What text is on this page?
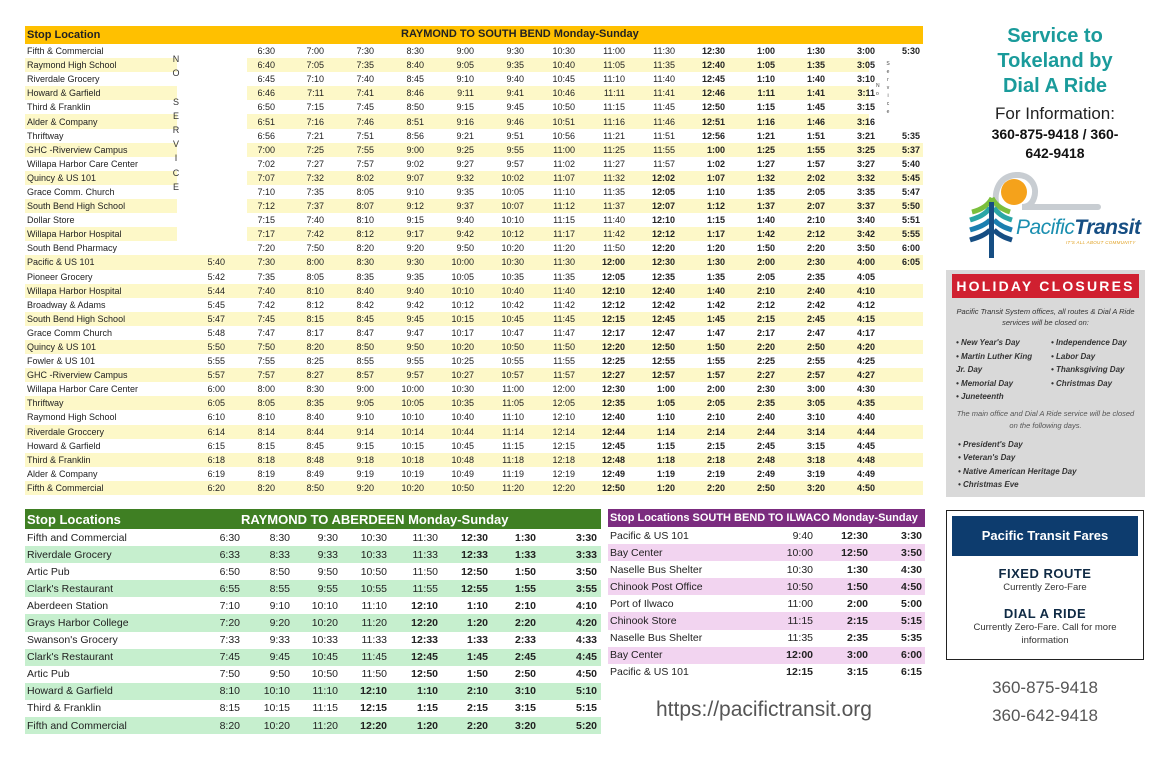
Stop Location	RAYMOND TO SOUTH BEND Monday-Sunday
Fifth & Commercial	6:30	7:00	7:30	8:30	9:00	9:30	10:30	11:00	11:30	12:30	1:00	1:30	3:00	5:30
Raymond High School	6:40	7:05	7:35	8:40	9:05	9:35	10:40	11:05	11:35	12:40	1:05	1:35	3:05
Riverdale Grocery	6:45	7:10	7:40	8:45	9:10	9:40	10:45	11:10	11:40	12:45	1:10	1:40	3:10
Howard & Garfield	6:46	7:11	7:41	8:46	9:11	9:41	10:46	11:11	11:41	12:46	1:11	1:41	3:11
Third & Franklin	6:50	7:15	7:45	8:50	9:15	9:45	10:50	11:15	11:45	12:50	1:15	1:45	3:15
Alder & Company	6:51	7:16	7:46	8:51	9:16	9:46	10:51	11:16	11:46	12:51	1:16	1:46	3:16
Thriftway	6:56	7:21	7:51	8:56	9:21	9:51	10:56	11:21	11:51	12:56	1:21	1:51	3:21	5:35
GHC -Riverview Campus	7:00	7:25	7:55	9:00	9:25	9:55	11:00	11:25	11:55	1:00	1:25	1:55	3:25	5:37
Willapa Harbor Care Center	7:02	7:27	7:57	9:02	9:27	9:57	11:02	11:27	11:57	1:02	1:27	1:57	3:27	5:40
Quincy & US 101	7:07	7:32	8:02	9:07	9:32	10:02	11:07	11:32	12:02	1:07	1:32	2:02	3:32	5:45
Grace Comm. Church	7:10	7:35	8:05	9:10	9:35	10:05	11:10	11:35	12:05	1:10	1:35	2:05	3:35	5:47
South Bend High School	7:12	7:37	8:07	9:12	9:37	10:07	11:12	11:37	12:07	1:12	1:37	2:07	3:37	5:50
Dollar Store	7:15	7:40	8:10	9:15	9:40	10:10	11:15	11:40	12:10	1:15	1:40	2:10	3:40	5:51
Willapa Harbor Hospital	7:17	7:42	8:12	9:17	9:42	10:12	11:17	11:42	12:12	1:17	1:42	2:12	3:42	5:55
South Bend Pharmacy	7:20	7:50	8:20	9:20	9:50	10:20	11:20	11:50	12:20	1:20	1:50	2:20	3:50	6:00
Pacific & US 101	5:40	7:30	8:00	8:30	9:30	10:00	10:30	11:30	12:00	12:30	1:30	2:00	2:30	4:00	6:05
Pioneer Grocery	5:42	7:35	8:05	8:35	9:35	10:05	10:35	11:35	12:05	12:35	1:35	2:05	2:35	4:05
Willapa Harbor Hospital	5:44	7:40	8:10	8:40	9:40	10:10	10:40	11:40	12:10	12:40	1:40	2:10	2:40	4:10
Broadway & Adams	5:45	7:42	8:12	8:42	9:42	10:12	10:42	11:42	12:12	12:42	1:42	2:12	2:42	4:12
South Bend High School	5:47	7:45	8:15	8:45	9:45	10:15	10:45	11:45	12:15	12:45	1:45	2:15	2:45	4:15
Grace Comm Church	5:48	7:47	8:17	8:47	9:47	10:17	10:47	11:47	12:17	12:47	1:47	2:17	2:47	4:17
Quincy & US 101	5:50	7:50	8:20	8:50	9:50	10:20	10:50	11:50	12:20	12:50	1:50	2:20	2:50	4:20
Fowler & US 101	5:55	7:55	8:25	8:55	9:55	10:25	10:55	11:55	12:25	12:55	1:55	2:25	2:55	4:25
GHC -Riverview Campus	5:57	7:57	8:27	8:57	9:57	10:27	10:57	11:57	12:27	12:57	1:57	2:27	2:57	4:27
Willapa Harbor Care Center	6:00	8:00	8:30	9:00	10:00	10:30	11:00	12:00	12:30	1:00	2:00	2:30	3:00	4:30
Thriftway	6:05	8:05	8:35	9:05	10:05	10:35	11:05	12:05	12:35	1:05	2:05	2:35	3:05	4:35
Raymond High School	6:10	8:10	8:40	9:10	10:10	10:40	11:10	12:10	12:40	1:10	2:10	2:40	3:10	4:40
Riverdale Groccery	6:14	8:14	8:44	9:14	10:14	10:44	11:14	12:14	12:44	1:14	2:14	2:44	3:14	4:44
Howard & Garfield	6:15	8:15	8:45	9:15	10:15	10:45	11:15	12:15	12:45	1:15	2:15	2:45	3:15	4:45
Third & Franklin	6:18	8:18	8:48	9:18	10:18	10:48	11:18	12:18	12:48	1:18	2:18	2:48	3:18	4:48
Alder & Company	6:19	8:19	8:49	9:19	10:19	10:49	11:19	12:19	12:49	1:19	2:19	2:49	3:19	4:49
Fifth & Commercial	6:20	8:20	8:50	9:20	10:20	10:50	11:20	12:20	12:50	1:20	2:20	2:50	3:20	4:50
N
O

S
E
R
V
I
C
E
N
o
S
e
r
v
i
c
e
Stop Locations	RAYMOND TO ABERDEEN Monday-Sunday
Fifth and Commercial	6:30	8:30	9:30	10:30	11:30	12:30	1:30	3:30
Riverdale Grocery	6:33	8:33	9:33	10:33	11:33	12:33	1:33	3:33
Artic Pub	6:50	8:50	9:50	10:50	11:50	12:50	1:50	3:50
Clark's Restaurant	6:55	8:55	9:55	10:55	11:55	12:55	1:55	3:55
Aberdeen Station	7:10	9:10	10:10	11:10	12:10	1:10	2:10	4:10
Grays Harbor College	7:20	9:20	10:20	11:20	12:20	1:20	2:20	4:20
Swanson's Grocery	7:33	9:33	10:33	11:33	12:33	1:33	2:33	4:33
Clark's Restaurant	7:45	9:45	10:45	11:45	12:45	1:45	2:45	4:45
Artic Pub	7:50	9:50	10:50	11:50	12:50	1:50	2:50	4:50
Howard & Garfield	8:10	10:10	11:10	12:10	1:10	2:10	3:10	5:10
Third & Franklin	8:15	10:15	11:15	12:15	1:15	2:15	3:15	5:15
Fifth and Commercial	8:20	10:20	11:20	12:20	1:20	2:20	3:20	5:20
Stop Locations SOUTH BEND TO ILWACO Monday-Sunday
Pacific & US 101	9:40	12:30	3:30
Bay Center	10:00	12:50	3:50
Naselle Bus Shelter	10:30	1:30	4:30
Chinook Post Office	10:50	1:50	4:50
Port of Ilwaco	11:00	2:00	5:00
Chinook Store	11:15	2:15	5:15
Naselle Bus Shelter	11:35	2:35	5:35
Bay Center	12:00	3:00	6:00
Pacific & US 101	12:15	3:15	6:15
https://pacifictransit.org
Service to
Tokeland by
Dial A Ride
For Information:
360-875-9418 / 360-
642-9418
PacificTransit
IT'S ALL ABOUT COMMUNITY
HOLIDAY CLOSURES
Pacific Transit System offices, all routes & Dial A Ride services will be closed on:
• New Year's Day
• Martin Luther King
Jr. Day
• Memorial Day
• Juneteenth
• Independence Day
• Labor Day
• Thanksgiving Day
• Christmas Day
The main office and Dial A Ride service will be closed on the following days.
• President's Day
• Veteran's Day
• Native American Heritage Day
• Christmas Eve
Pacific Transit Fares
FIXED ROUTE
Currently Zero-Fare
DIAL A RIDE
Currently Zero-Fare. Call for more information
360-875-9418
360-642-9418
